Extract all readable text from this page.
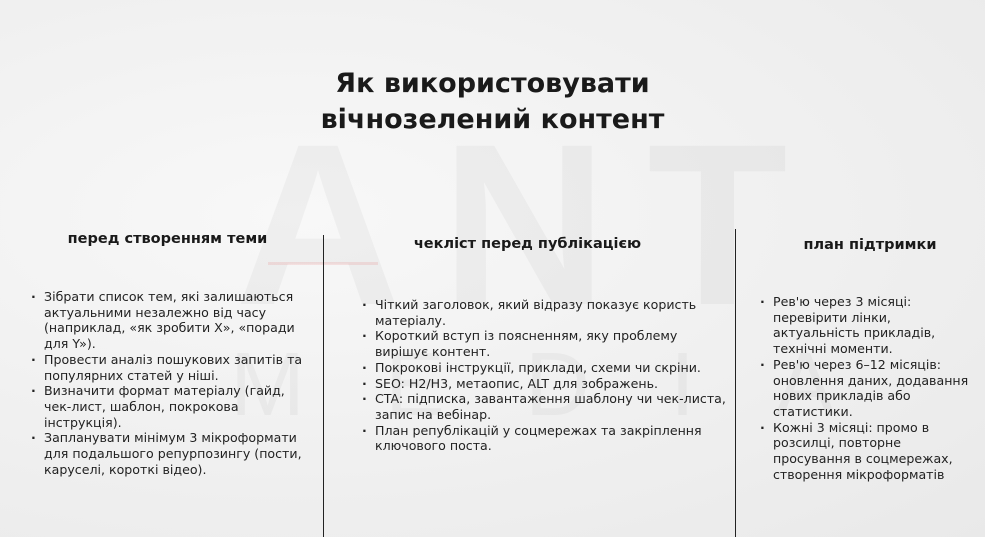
Як використовувати
вічнозелений контент
перед створенням теми	чекліст перед публікацією	план підтримки
· Зібрати список тем, які залишаються актуальними незалежно від часу (наприклад, «як зробити X», «поради для Y»).
· Провести аналіз пошукових запитів та популярних статей у ніші.
· Визначити формат матеріалу (гайд, чек-лист, шаблон, покрокова інструкція).
· Запланувати мінімум 3 мікроформати для подальшого репурпозингу (пости, каруселі, короткі відео).
· Чіткий заголовок, який відразу показує користь матеріалу.
· Короткий вступ із поясненням, яку проблему вирішує контент.
· Покрокові інструкції, приклади, схеми чи скріни.
· SEO: H2/H3, метаопис, ALT для зображень.
· CTA: підписка, завантаження шаблону чи чек-листа, запис на вебінар.
· План републікацій у соцмережах та закріплення ключового поста.
· Рев'ю через 3 місяці: перевірити лінки, актуальність прикладів, технічні моменти.
· Рев'ю через 6–12 місяців: оновлення даних, додавання нових прикладів або статистики.
· Кожні 3 місяці: промо в розсилці, повторне просування в соцмережах, створення мікроформатів
